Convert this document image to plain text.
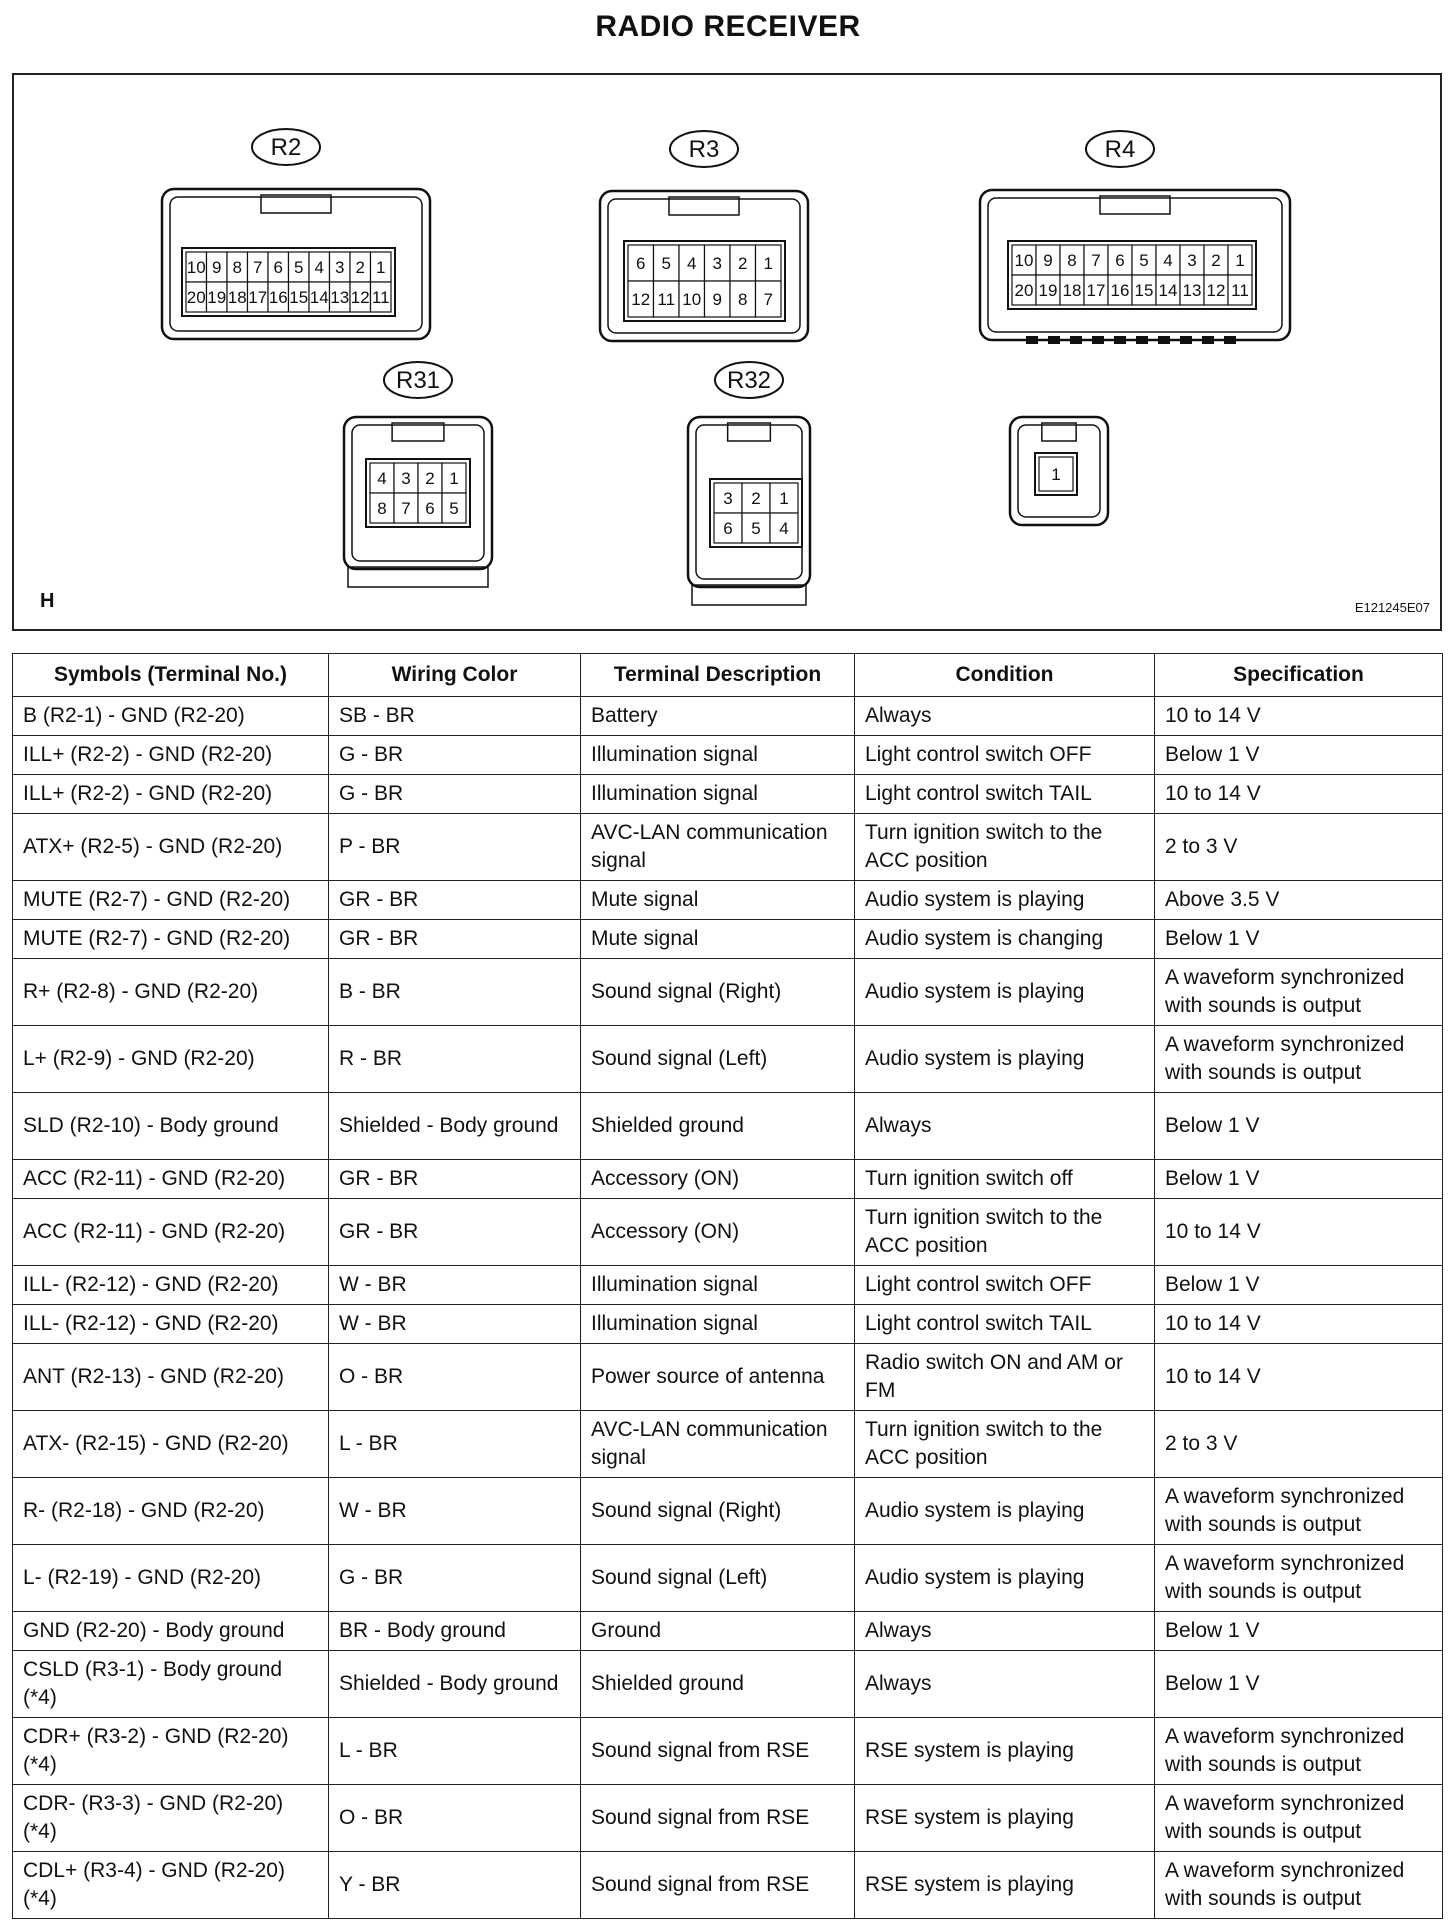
RADIO RECEIVER
R2
10 9 8 7 6 5 4 3 2 1
20 19 18 17 16 15 14 13 12 11
R3
6 5 4 3 2 1
12 11 10 9 8 7
R4
10 9 8 7 6 5 4 3 2 1
20 19 18 17 16 15 14 13 12 11
R31
4 3 2 1
8 7 6 5
R32
3 2 1
6 5 4
1
H	E121245E07
Symbols (Terminal No.)	Wiring Color	Terminal Description	Condition	Specification
B (R2-1) - GND (R2-20)	SB - BR	Battery	Always	10 to 14 V
ILL+ (R2-2) - GND (R2-20)	G - BR	Illumination signal	Light control switch OFF	Below 1 V
ILL+ (R2-2) - GND (R2-20)	G - BR	Illumination signal	Light control switch TAIL	10 to 14 V
ATX+ (R2-5) - GND (R2-20)	P - BR	AVC-LAN communication signal	Turn ignition switch to the ACC position	2 to 3 V
MUTE (R2-7) - GND (R2-20)	GR - BR	Mute signal	Audio system is playing	Above 3.5 V
MUTE (R2-7) - GND (R2-20)	GR - BR	Mute signal	Audio system is changing	Below 1 V
R+ (R2-8) - GND (R2-20)	B - BR	Sound signal (Right)	Audio system is playing	A waveform synchronized with sounds is output
L+ (R2-9) - GND (R2-20)	R - BR	Sound signal (Left)	Audio system is playing	A waveform synchronized with sounds is output
SLD (R2-10) - Body ground	Shielded - Body ground	Shielded ground	Always	Below 1 V
ACC (R2-11) - GND (R2-20)	GR - BR	Accessory (ON)	Turn ignition switch off	Below 1 V
ACC (R2-11) - GND (R2-20)	GR - BR	Accessory (ON)	Turn ignition switch to the ACC position	10 to 14 V
ILL- (R2-12) - GND (R2-20)	W - BR	Illumination signal	Light control switch OFF	Below 1 V
ILL- (R2-12) - GND (R2-20)	W - BR	Illumination signal	Light control switch TAIL	10 to 14 V
ANT (R2-13) - GND (R2-20)	O - BR	Power source of antenna	Radio switch ON and AM or FM	10 to 14 V
ATX- (R2-15) - GND (R2-20)	L - BR	AVC-LAN communication signal	Turn ignition switch to the ACC position	2 to 3 V
R- (R2-18) - GND (R2-20)	W - BR	Sound signal (Right)	Audio system is playing	A waveform synchronized with sounds is output
L- (R2-19) - GND (R2-20)	G - BR	Sound signal (Left)	Audio system is playing	A waveform synchronized with sounds is output
GND (R2-20) - Body ground	BR - Body ground	Ground	Always	Below 1 V
CSLD (R3-1) - Body ground (*4)	Shielded - Body ground	Shielded ground	Always	Below 1 V
CDR+ (R3-2) - GND (R2-20) (*4)	L - BR	Sound signal from RSE	RSE system is playing	A waveform synchronized with sounds is output
CDR- (R3-3) - GND (R2-20) (*4)	O - BR	Sound signal from RSE	RSE system is playing	A waveform synchronized with sounds is output
CDL+ (R3-4) - GND (R2-20) (*4)	Y - BR	Sound signal from RSE	RSE system is playing	A waveform synchronized with sounds is output
